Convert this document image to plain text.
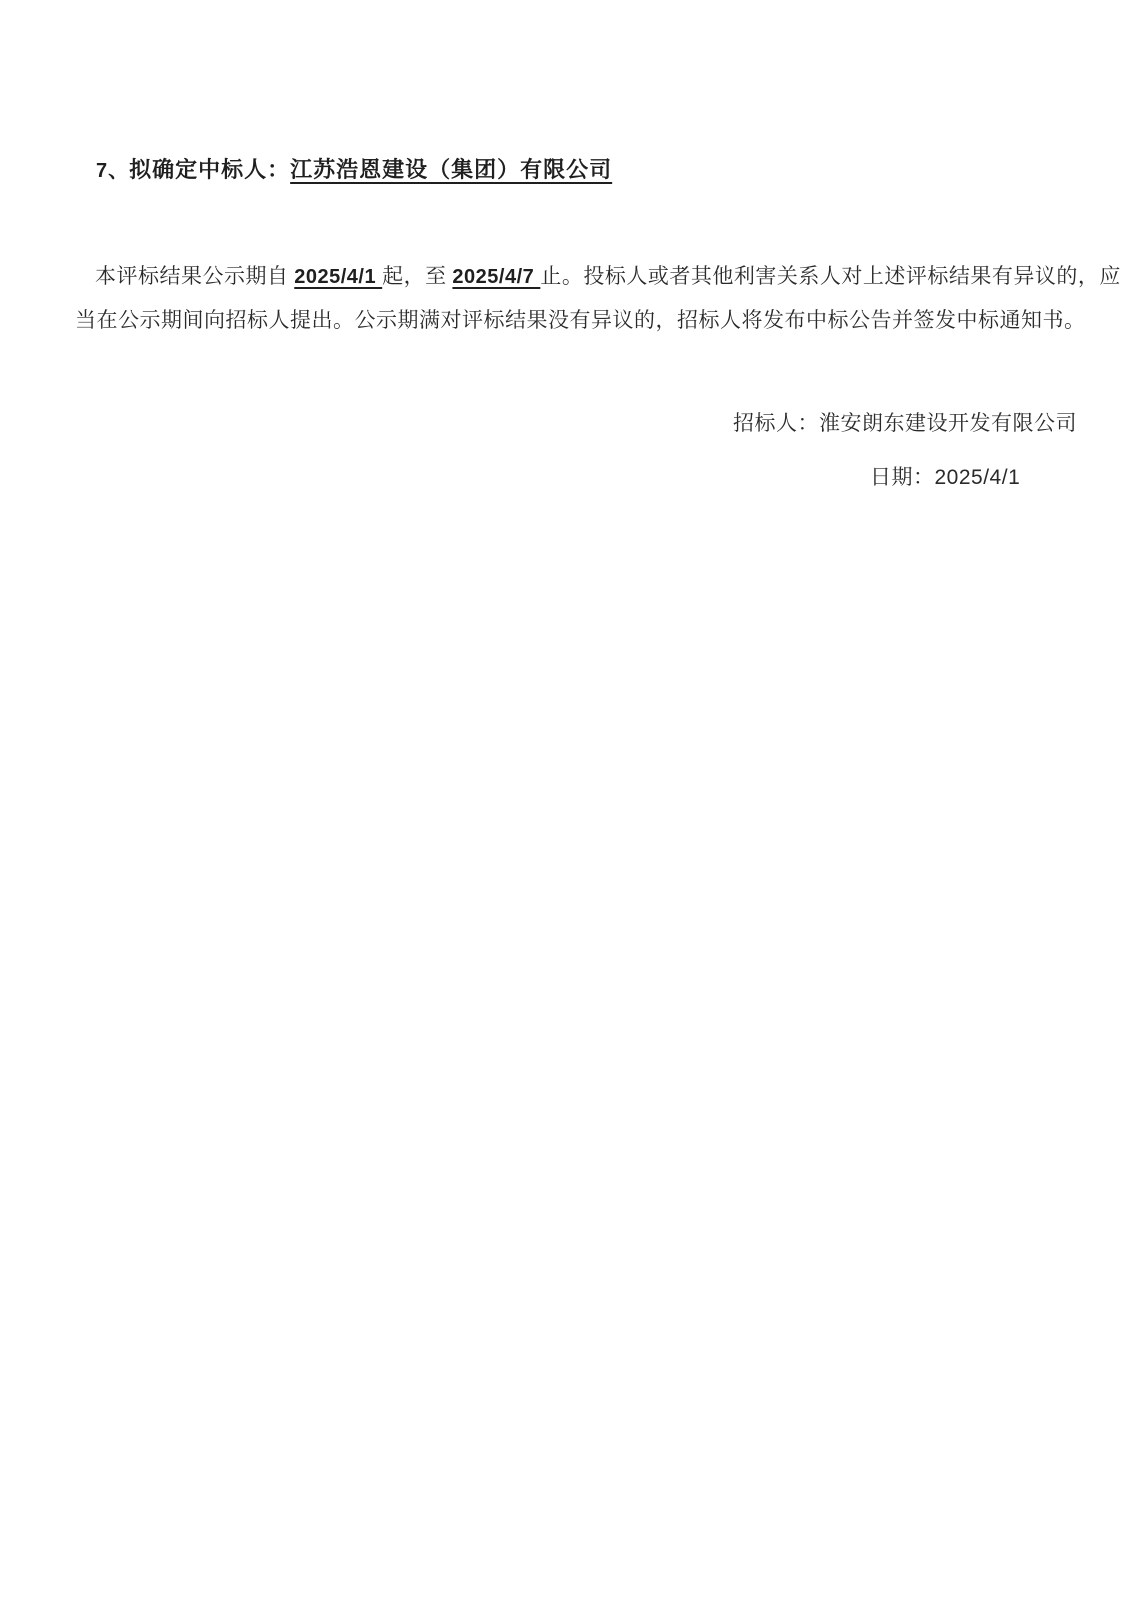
7、拟确定中标人：江苏浩恩建设（集团）有限公司
本评标结果公示期自 2025/4/1 起，至 2025/4/7 止。投标人或者其他利害关系人对上述评标结果有异议的，应
当在公示期间向招标人提出。公示期满对评标结果没有异议的，招标人将发布中标公告并签发中标通知书。
招标人：淮安朗东建设开发有限公司
日期：2025/4/1
